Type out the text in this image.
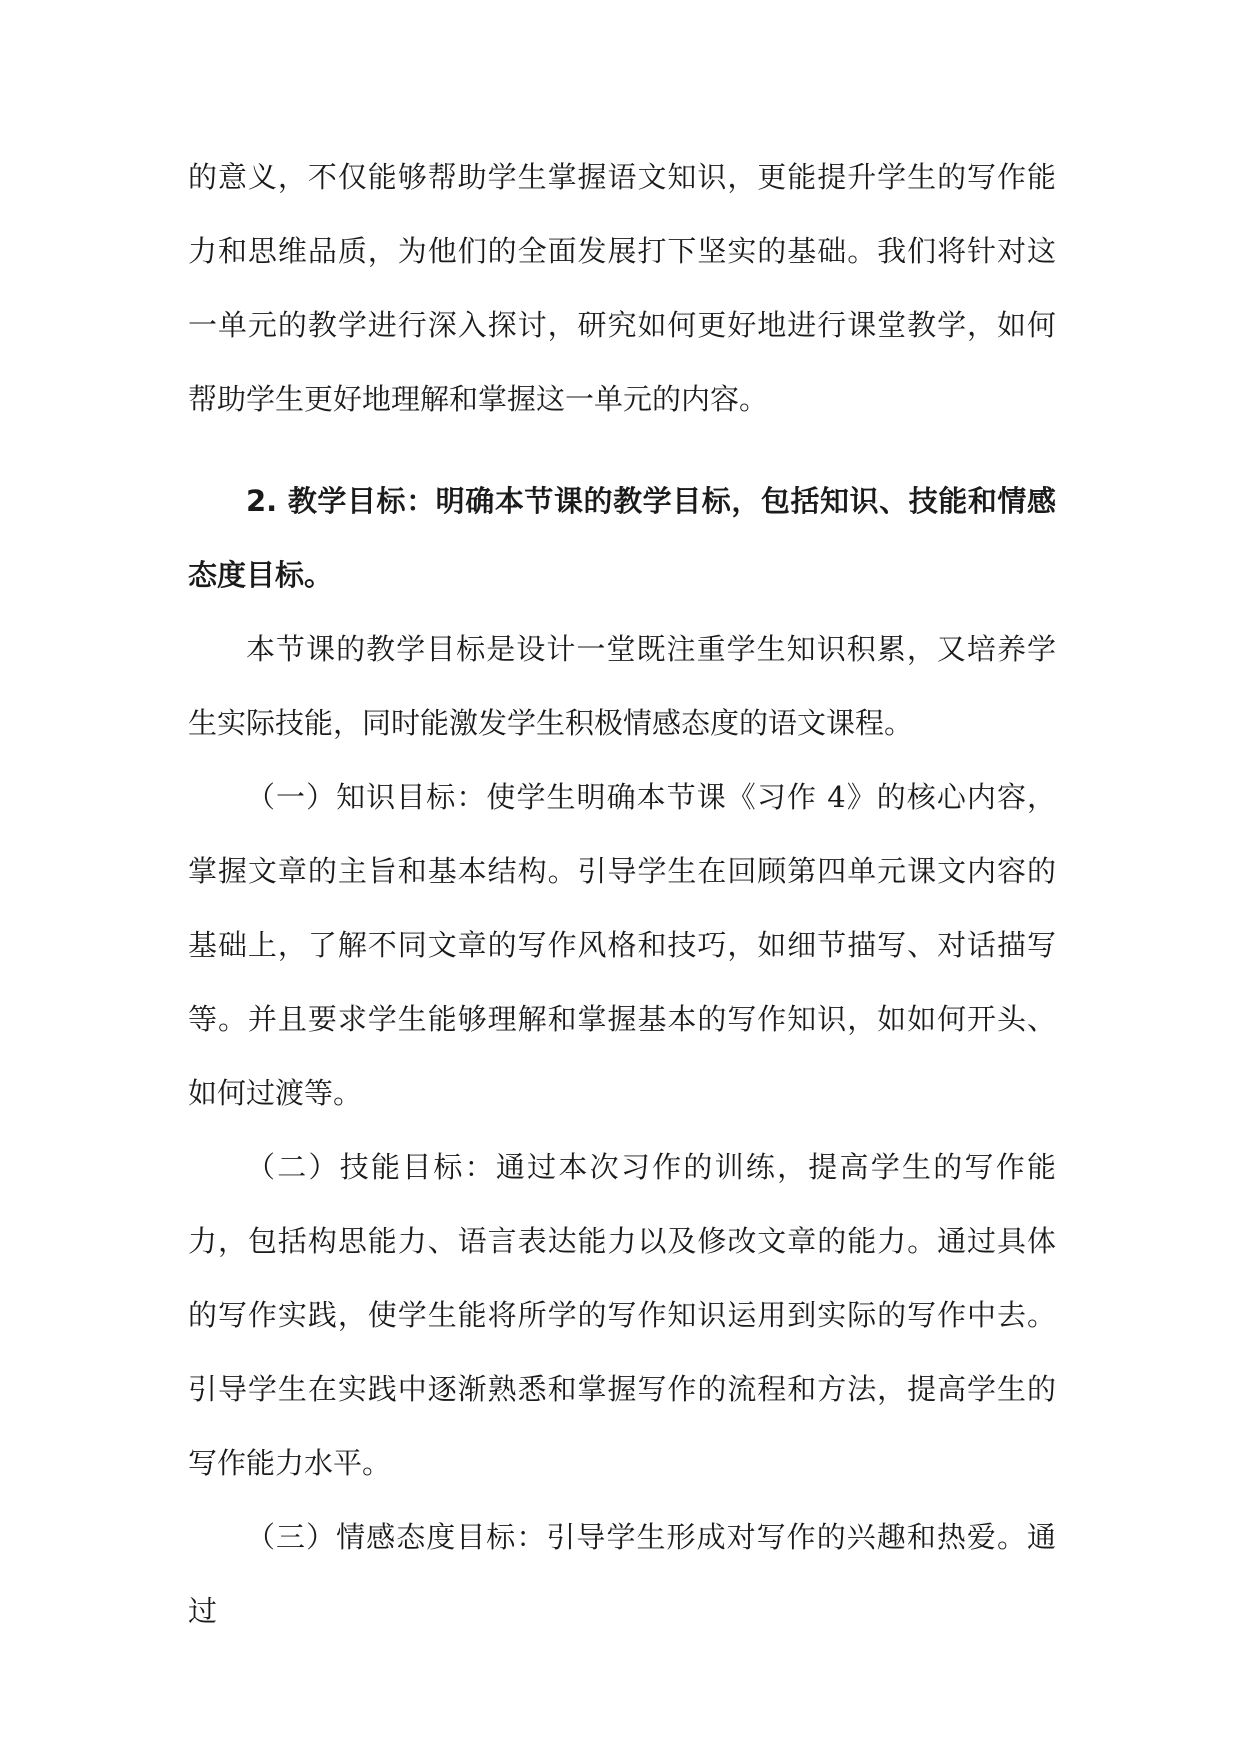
的意义，不仅能够帮助学生掌握语文知识，更能提升学生的写作能力和思维品质，为他们的全面发展打下坚实的基础。我们将针对这一单元的教学进行深入探讨，研究如何更好地进行课堂教学，如何帮助学生更好地理解和掌握这一单元的内容。

2. 教学目标：明确本节课的教学目标，包括知识、技能和情感态度目标。

本节课的教学目标是设计一堂既注重学生知识积累，又培养学生实际技能，同时能激发学生积极情感态度的语文课程。

（一）知识目标：使学生明确本节课《习作 4》的核心内容，掌握文章的主旨和基本结构。引导学生在回顾第四单元课文内容的基础上，了解不同文章的写作风格和技巧，如细节描写、对话描写等。并且要求学生能够理解和掌握基本的写作知识，如如何开头、如何过渡等。

（二）技能目标：通过本次习作的训练，提高学生的写作能力，包括构思能力、语言表达能力以及修改文章的能力。通过具体的写作实践，使学生能将所学的写作知识运用到实际的写作中去。引导学生在实践中逐渐熟悉和掌握写作的流程和方法，提高学生的写作能力水平。

（三）情感态度目标：引导学生形成对写作的兴趣和热爱。通过
